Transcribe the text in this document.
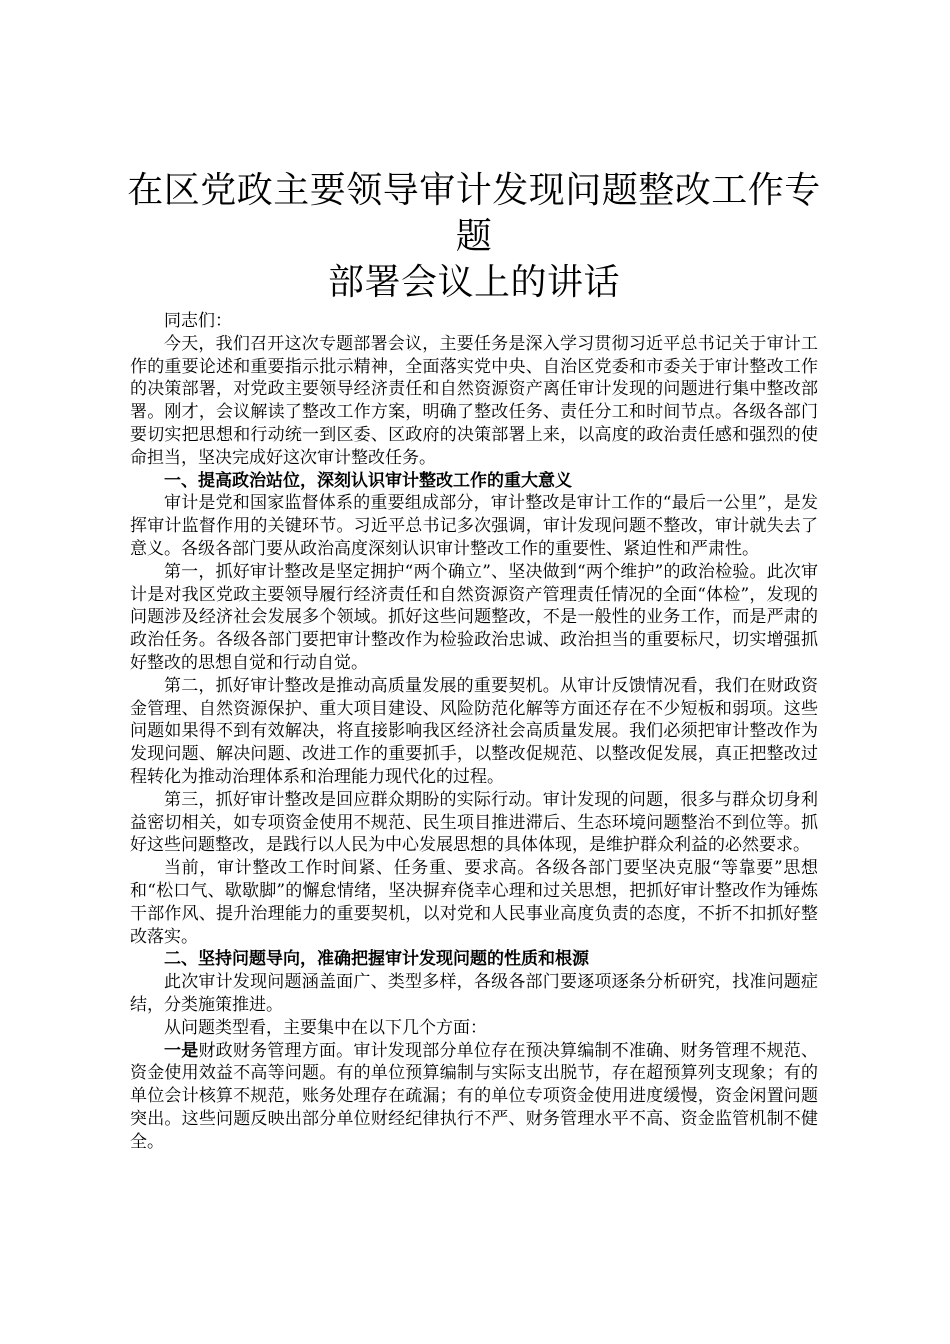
在区党政主要领导审计发现问题整改工作专题
部署会议上的讲话

同志们：

今天，我们召开这次专题部署会议，主要任务是深入学习贯彻习近平总书记关于审计工作的重要论述和重要指示批示精神，全面落实党中央、自治区党委和市委关于审计整改工作的决策部署，对党政主要领导经济责任和自然资源资产离任审计发现的问题进行集中整改部署。刚才，会议解读了整改工作方案，明确了整改任务、责任分工和时间节点。各级各部门要切实把思想和行动统一到区委、区政府的决策部署上来，以高度的政治责任感和强烈的使命担当，坚决完成好这次审计整改任务。

一、提高政治站位，深刻认识审计整改工作的重大意义

审计是党和国家监督体系的重要组成部分，审计整改是审计工作的“最后一公里”，是发挥审计监督作用的关键环节。习近平总书记多次强调，审计发现问题不整改，审计就失去了意义。各级各部门要从政治高度深刻认识审计整改工作的重要性、紧迫性和严肃性。

第一，抓好审计整改是坚定拥护“两个确立”、坚决做到“两个维护”的政治检验。此次审计是对我区党政主要领导履行经济责任和自然资源资产管理责任情况的全面“体检”，发现的问题涉及经济社会发展多个领域。抓好这些问题整改，不是一般性的业务工作，而是严肃的政治任务。各级各部门要把审计整改作为检验政治忠诚、政治担当的重要标尺，切实增强抓好整改的思想自觉和行动自觉。

第二，抓好审计整改是推动高质量发展的重要契机。从审计反馈情况看，我们在财政资金管理、自然资源保护、重大项目建设、风险防范化解等方面还存在不少短板和弱项。这些问题如果得不到有效解决，将直接影响我区经济社会高质量发展。我们必须把审计整改作为发现问题、解决问题、改进工作的重要抓手，以整改促规范、以整改促发展，真正把整改过程转化为推动治理体系和治理能力现代化的过程。

第三，抓好审计整改是回应群众期盼的实际行动。审计发现的问题，很多与群众切身利益密切相关，如专项资金使用不规范、民生项目推进滞后、生态环境问题整治不到位等。抓好这些问题整改，是践行以人民为中心发展思想的具体体现，是维护群众利益的必然要求。

当前，审计整改工作时间紧、任务重、要求高。各级各部门要坚决克服“等靠要”思想和“松口气、歇歇脚”的懈怠情绪，坚决摒弃侥幸心理和过关思想，把抓好审计整改作为锤炼干部作风、提升治理能力的重要契机，以对党和人民事业高度负责的态度，不折不扣抓好整改落实。

二、坚持问题导向，准确把握审计发现问题的性质和根源

此次审计发现问题涵盖面广、类型多样，各级各部门要逐项逐条分析研究，找准问题症结，分类施策推进。

从问题类型看，主要集中在以下几个方面：

一是财政财务管理方面。审计发现部分单位存在预决算编制不准确、财务管理不规范、资金使用效益不高等问题。有的单位预算编制与实际支出脱节，存在超预算列支现象；有的单位会计核算不规范，账务处理存在疏漏；有的单位专项资金使用进度缓慢，资金闲置问题突出。这些问题反映出部分单位财经纪律执行不严、财务管理水平不高、资金监管机制不健全。
